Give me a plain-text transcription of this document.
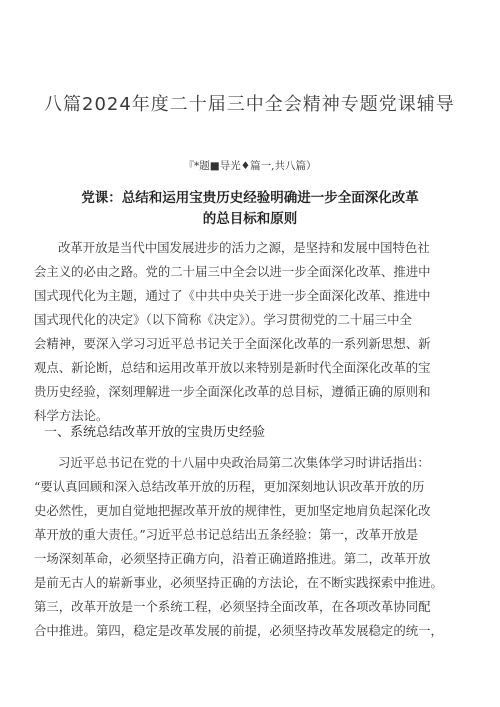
八篇2024年度二十届三中全会精神专题党课辅导

『*题■导光♦篇一,共八篇）

党课：总结和运用宝贵历史经验明确进一步全面深化改革
的总目标和原则
改革开放是当代中国发展进步的活力之源，是坚持和发展中国特色社
会主义的必由之路。党的二十届三中全会以进一步全面深化改革、推进中
国式现代化为主题，通过了《中共中央关于进一步全面深化改革、推进中
国式现代化的决定》（以下简称《决定》）。学习贯彻党的二十届三中全
会精神，要深入学习习近平总书记关于全面深化改革的一系列新思想、新
观点、新论断，总结和运用改革开放以来特别是新时代全面深化改革的宝
贵历史经验，深刻理解进一步全面深化改革的总目标，遵循正确的原则和
科学方法论。
一、系统总结改革开放的宝贵历史经验
习近平总书记在党的十八届中央政治局第二次集体学习时讲话指出：
“要认真回顾和深入总结改革开放的历程，更加深刻地认识改革开放的历
史必然性，更加自觉地把握改革开放的规律性，更加坚定地肩负起深化改
革开放的重大责任。”习近平总书记总结出五条经验：第一，改革开放是
一场深刻革命，必须坚持正确方向，沿着正确道路推进。第二，改革开放
是前无古人的崭新事业，必须坚持正确的方法论，在不断实践探索中推进。
第三，改革开放是一个系统工程，必须坚持全面改革，在各项改革协同配
合中推进。第四，稳定是改革发展的前提，必须坚持改革发展稳定的统一，
